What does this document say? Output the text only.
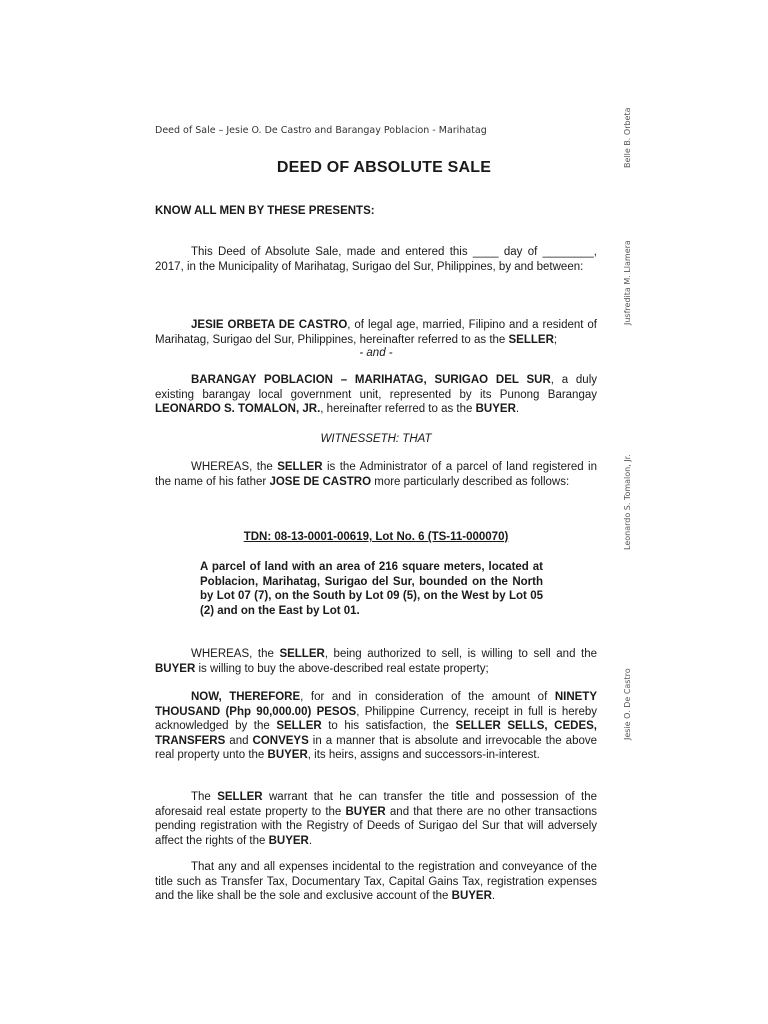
Deed of Sale – Jesie O. De Castro and Barangay Poblacion - Marihatag
DEED OF ABSOLUTE SALE
KNOW ALL MEN BY THESE PRESENTS:
This Deed of Absolute Sale, made and entered this ____ day of ________, 2017, in the Municipality of Marihatag, Surigao del Sur, Philippines, by and between:
JESIE ORBETA DE CASTRO, of legal age, married, Filipino and a resident of Marihatag, Surigao del Sur, Philippines, hereinafter referred to as the SELLER;
- and -
BARANGAY POBLACION – MARIHATAG, SURIGAO DEL SUR, a duly existing barangay local government unit, represented by its Punong Barangay LEONARDO S. TOMALON, JR., hereinafter referred to as the BUYER.
WITNESSETH: THAT
WHEREAS, the SELLER is the Administrator of a parcel of land registered in the name of his father JOSE DE CASTRO more particularly described as follows:
TDN: 08-13-0001-00619, Lot No. 6 (TS-11-000070)
A parcel of land with an area of 216 square meters, located at Poblacion, Marihatag, Surigao del Sur, bounded on the North by Lot 07 (7), on the South by Lot 09 (5), on the West by Lot 05 (2) and on the East by Lot 01.
WHEREAS, the SELLER, being authorized to sell, is willing to sell and the BUYER is willing to buy the above-described real estate property;
NOW, THEREFORE, for and in consideration of the amount of NINETY THOUSAND (Php 90,000.00) PESOS, Philippine Currency, receipt in full is hereby acknowledged by the SELLER to his satisfaction, the SELLER SELLS, CEDES, TRANSFERS and CONVEYS in a manner that is absolute and irrevocable the above real property unto the BUYER, its heirs, assigns and successors-in-interest.
The SELLER warrant that he can transfer the title and possession of the aforesaid real estate property to the BUYER and that there are no other transactions pending registration with the Registry of Deeds of Surigao del Sur that will adversely affect the rights of the BUYER.
That any and all expenses incidental to the registration and conveyance of the title such as Transfer Tax, Documentary Tax, Capital Gains Tax, registration expenses and the like shall be the sole and exclusive account of the BUYER.
Belle B. Orbeta
Jusfredita M. Llamera
Leonardo S. Tomalon, Jr.
Jesie O. De Castro
